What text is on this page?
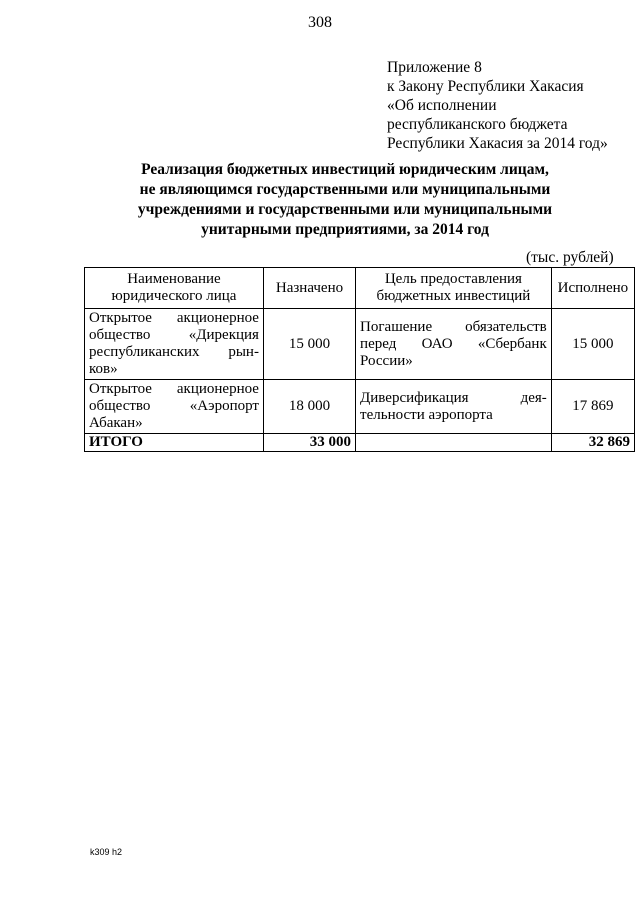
308
Приложение 8
к Закону Республики Хакасия
«Об исполнении
республиканского бюджета
Республики Хакасия за 2014 год»
Реализация бюджетных инвестиций юридическим лицам,
не являющимся государственными или муниципальными
учреждениями и государственными или муниципальными
унитарными предприятиями, за 2014 год
(тыс. рублей)
Наименование юридического лица	Назначено	Цель предоставления бюджетных инвестиций	Исполнено
Открытое акционерное общество «Дирекция республиканских рын-ков»	15 000	Погашение обязательств перед ОАО «Сбербанк России»	15 000
Открытое акционерное общество «Аэропорт Абакан»	18 000	Диверсификация дея-тельности аэропорта	17 869
ИТОГО	33 000		32 869
k309 h2
